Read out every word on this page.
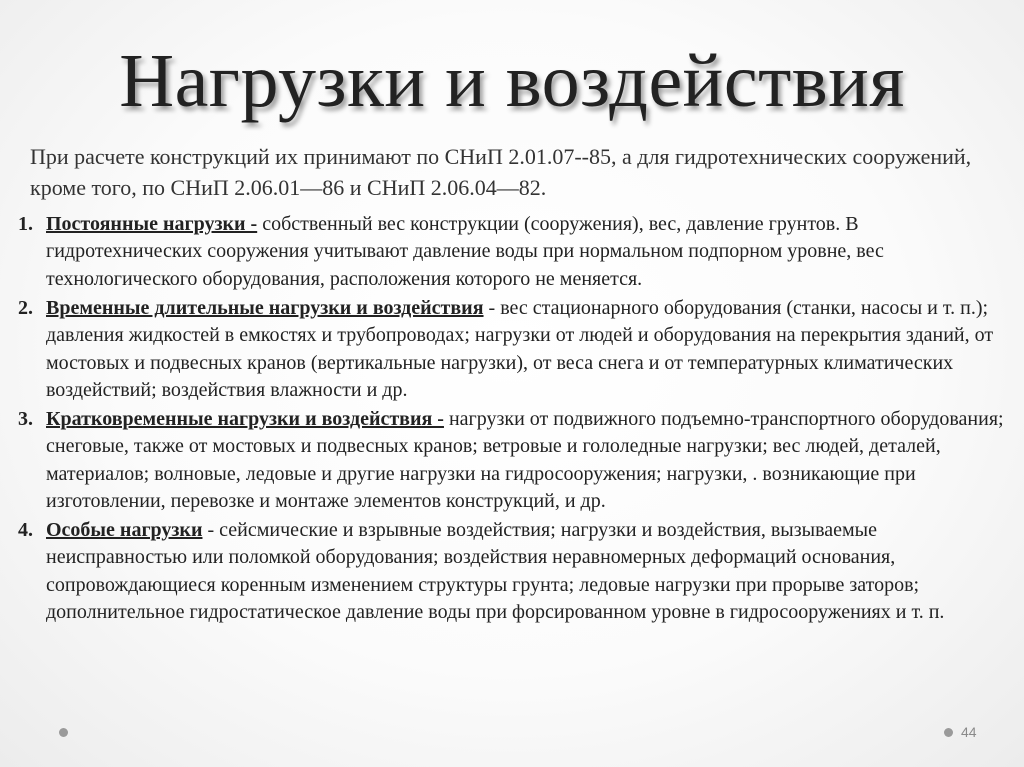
Нагрузки и воздействия

При расчете конструкций их принимают по СНиП 2.01.07--85, а для гидротехнических сооружений, кроме того, по СНиП 2.06.01—86 и СНиП 2.06.04—82.

1. Постоянные нагрузки - собственный вес конструкции (сооружения), вес, давление грунтов. В гидротехнических сооружения учитывают давление воды при нормальном подпорном уровне, вес технологического оборудования, расположения которого не меняется.
2. Временные длительные нагрузки и воздействия - вес стационарного оборудования (станки, насосы и т. п.); давления жидкостей в емкостях и трубопроводах; нагрузки от людей и оборудования на перекрытия зданий, от мостовых и подвесных кранов (вертикальные нагрузки), от веса снега и от температурных климатических воздействий; воздействия влажности и др.
3. Кратковременные нагрузки и воздействия - нагрузки от подвижного подъемно-транспортного оборудования; снеговые, также от мостовых и подвесных кранов; ветровые и гололедные нагрузки; вес людей, деталей, материалов; волновые, ледовые и другие нагрузки на гидросооружения; нагрузки, . возникающие при изготовлении, перевозке и монтаже элементов конструкций, и др.
4. Особые нагрузки - сейсмические и взрывные воздействия; нагрузки и воздействия, вызываемые неисправностью или поломкой оборудования; воздействия неравномерных деформаций основания, сопровождающиеся коренным изменением структуры грунта; ледовые нагрузки при прорыве заторов; дополнительное гидростатическое давление воды при форсированном уровне в гидросооружениях и т. п.
44
